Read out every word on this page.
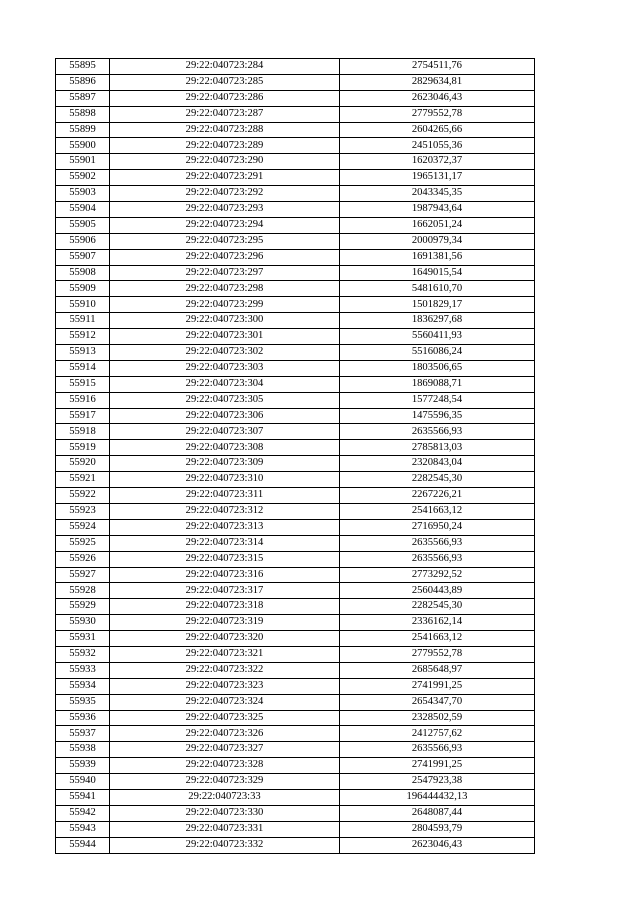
55895	29:22:040723:284	2754511,76
55896	29:22:040723:285	2829634,81
55897	29:22:040723:286	2623046,43
55898	29:22:040723:287	2779552,78
55899	29:22:040723:288	2604265,66
55900	29:22:040723:289	2451055,36
55901	29:22:040723:290	1620372,37
55902	29:22:040723:291	1965131,17
55903	29:22:040723:292	2043345,35
55904	29:22:040723:293	1987943,64
55905	29:22:040723:294	1662051,24
55906	29:22:040723:295	2000979,34
55907	29:22:040723:296	1691381,56
55908	29:22:040723:297	1649015,54
55909	29:22:040723:298	5481610,70
55910	29:22:040723:299	1501829,17
55911	29:22:040723:300	1836297,68
55912	29:22:040723:301	5560411,93
55913	29:22:040723:302	5516086,24
55914	29:22:040723:303	1803506,65
55915	29:22:040723:304	1869088,71
55916	29:22:040723:305	1577248,54
55917	29:22:040723:306	1475596,35
55918	29:22:040723:307	2635566,93
55919	29:22:040723:308	2785813,03
55920	29:22:040723:309	2320843,04
55921	29:22:040723:310	2282545,30
55922	29:22:040723:311	2267226,21
55923	29:22:040723:312	2541663,12
55924	29:22:040723:313	2716950,24
55925	29:22:040723:314	2635566,93
55926	29:22:040723:315	2635566,93
55927	29:22:040723:316	2773292,52
55928	29:22:040723:317	2560443,89
55929	29:22:040723:318	2282545,30
55930	29:22:040723:319	2336162,14
55931	29:22:040723:320	2541663,12
55932	29:22:040723:321	2779552,78
55933	29:22:040723:322	2685648,97
55934	29:22:040723:323	2741991,25
55935	29:22:040723:324	2654347,70
55936	29:22:040723:325	2328502,59
55937	29:22:040723:326	2412757,62
55938	29:22:040723:327	2635566,93
55939	29:22:040723:328	2741991,25
55940	29:22:040723:329	2547923,38
55941	29:22:040723:33	196444432,13
55942	29:22:040723:330	2648087,44
55943	29:22:040723:331	2804593,79
55944	29:22:040723:332	2623046,43
